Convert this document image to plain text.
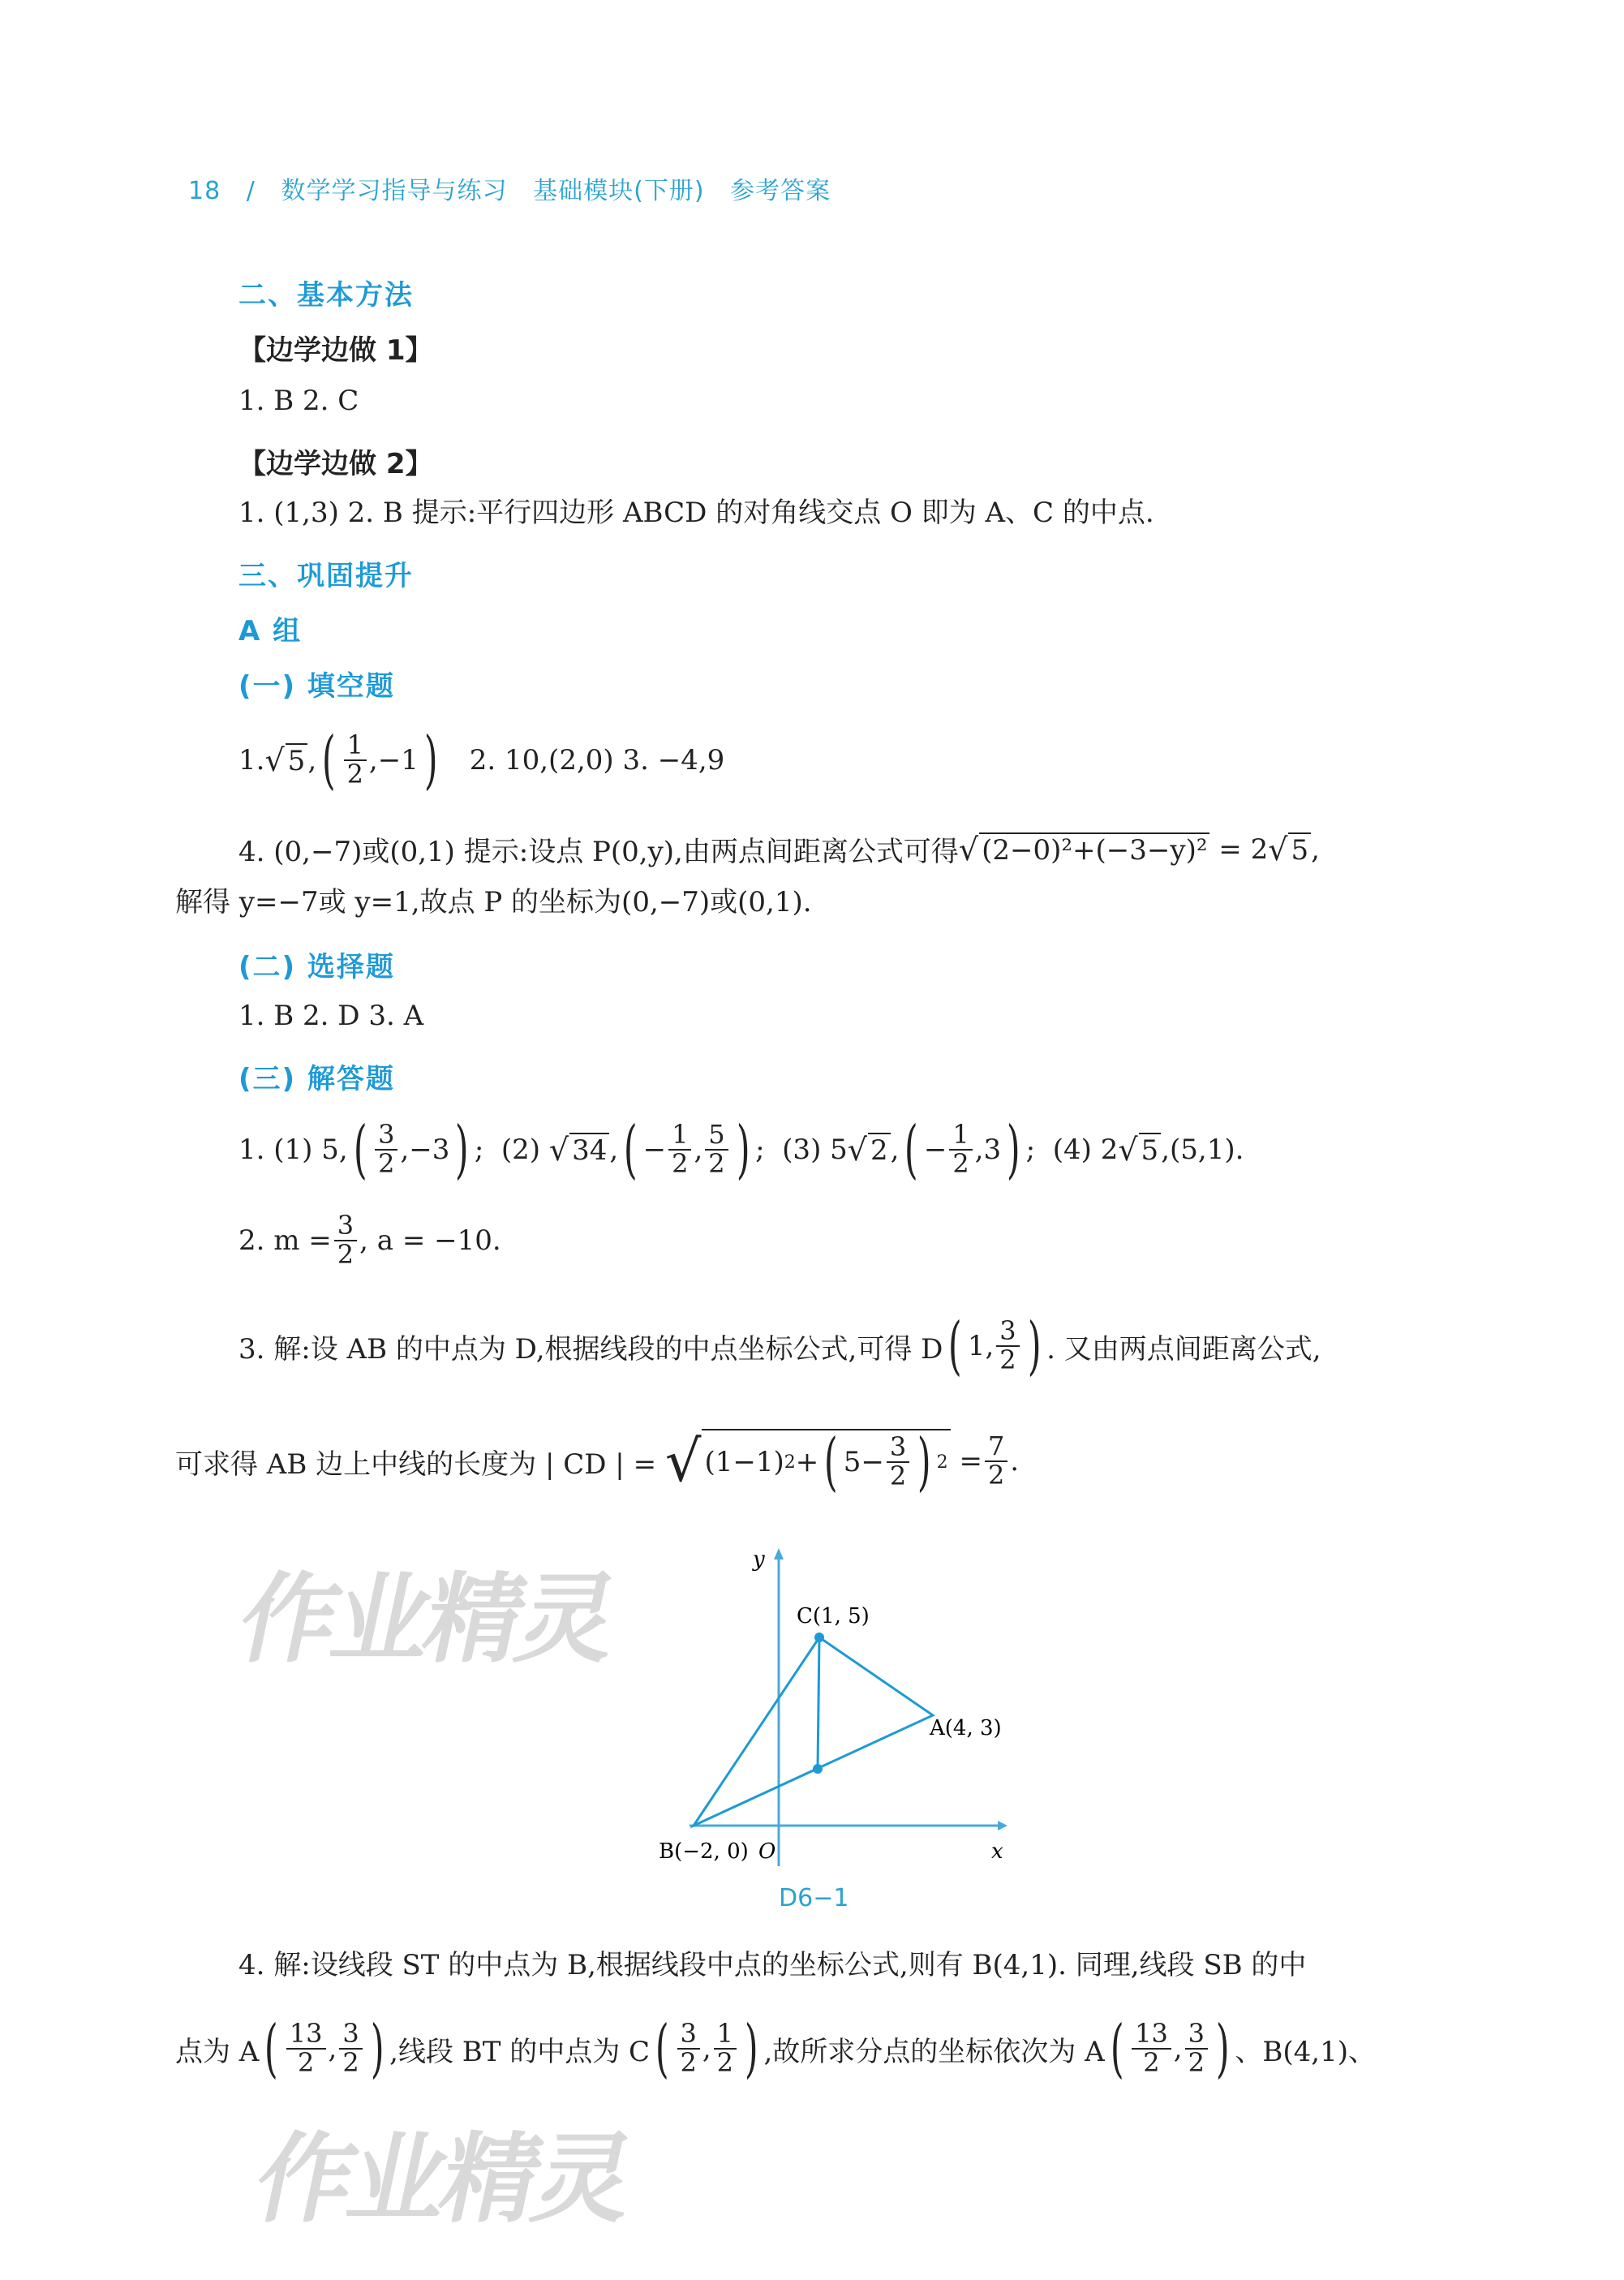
18 / 数学学习指导与练习 基础模块(下册) 参考答案
二、基本方法
【边学边做 1】
1. B 2. C
【边学边做 2】
1. (1,3) 2. B 提示:平行四边形 ABCD 的对角线交点 O 即为 A、C 的中点.
三、巩固提升
A 组
(一) 填空题
1. √ 5 , ( $\frac{1}{2} ,-1$ )
2. 10,(2,0) 3. −4,9
4. (0,−7)或(0,1) 提示:设点 P(0,y),由两点间距离公式可得 √ (2−0)²+(−3−y)²
= 2 √ 5 ,
解得 y=−7或 y=1,故点 P 的坐标为(0,−7)或(0,1).
(二) 选择题
1. B 2. D 3. A
(三) 解答题
1. (1) 5, ( $\frac{3}{2} ,-3$ ) ; (2)
√ 34 , ( − $\frac{1}{2}$ , $\frac{5}{2}$ ) ; (3) 5 √ 2 , ( − $\frac{1}{2} ,3$ ) ; (4) 2 √ 5 ,(5,1).
2. $m = \frac{3}{2}$ , a = −10.
3. 解:设 AB 的中点为 D,根据线段的中点坐标公式,可得 D ( 1, $\frac{3}{2}$ ) . 又由两点间距离公式,
可求得 AB 边上中线的长度为 | CD | =
√ (1−1) 2 + ( $5- \frac{3}{2}$ ) 2
= $\frac{7}{2}$ .
y
x
O
C(1, 5)
A(4, 3)
B(−2, 0)
D6−1
4. 解:设线段 ST 的中点为 B,根据线段中点的坐标公式,则有 B(4,1). 同理,线段 SB 的中
点为 A ( $\frac{13}{2}$ , $\frac{3}{2}$ ) ,线段 BT 的中点为 C ( $\frac{3}{2}$ , $\frac{1}{2}$ ) ,故所求分点的坐标依次为 A ( $\frac{13}{2}$ , $\frac{3}{2}$ ) 、B(4,1)、
作业精灵
作业精灵
